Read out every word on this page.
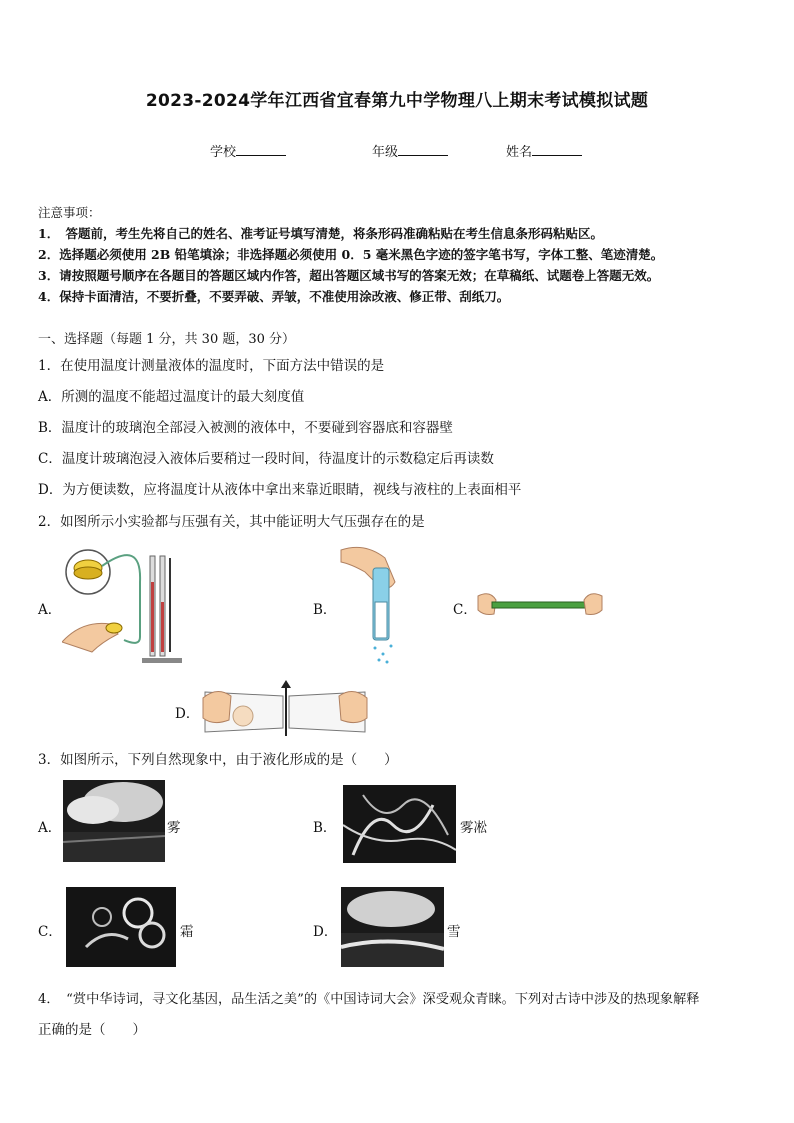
2023-2024学年江西省宜春第九中学物理八上期末考试模拟试题
学校	年级	姓名
注意事项：
1．　答题前，考生先将自己的姓名、准考证号填写清楚，将条形码准确粘贴在考生信息条形码粘贴区。
2．选择题必须使用 2B 铅笔填涂；非选择题必须使用 0．5 毫米黑色字迹的签字笔书写，字体工整、笔迹清楚。
3．请按照题号顺序在各题目的答题区域内作答，超出答题区域书写的答案无效；在草稿纸、试题卷上答题无效。
4．保持卡面清洁，不要折叠，不要弄破、弄皱，不准使用涂改液、修正带、刮纸刀。
一、选择题（每题 1 分，共 30 题，30 分）
1．在使用温度计测量液体的温度时，下面方法中错误的是
A．所测的温度不能超过温度计的最大刻度值
B．温度计的玻璃泡全部浸入被测的液体中，不要碰到容器底和容器壁
C．温度计玻璃泡浸入液体后要稍过一段时间，待温度计的示数稳定后再读数
D．为方便读数，应将温度计从液体中拿出来靠近眼睛，视线与液柱的上表面相平
2．如图所示小实验都与压强有关，其中能证明大气压强存在的是
A．	B．	C．
D．
3．如图所示，下列自然现象中，由于液化形成的是（　　）
A．	雾	B．	雾凇
C．	霜	D．	雪
4．　“赏中华诗词，寻文化基因，品生活之美”的《中国诗词大会》深受观众青睐。下列对古诗中涉及的热现象解释
正确的是（　　）
